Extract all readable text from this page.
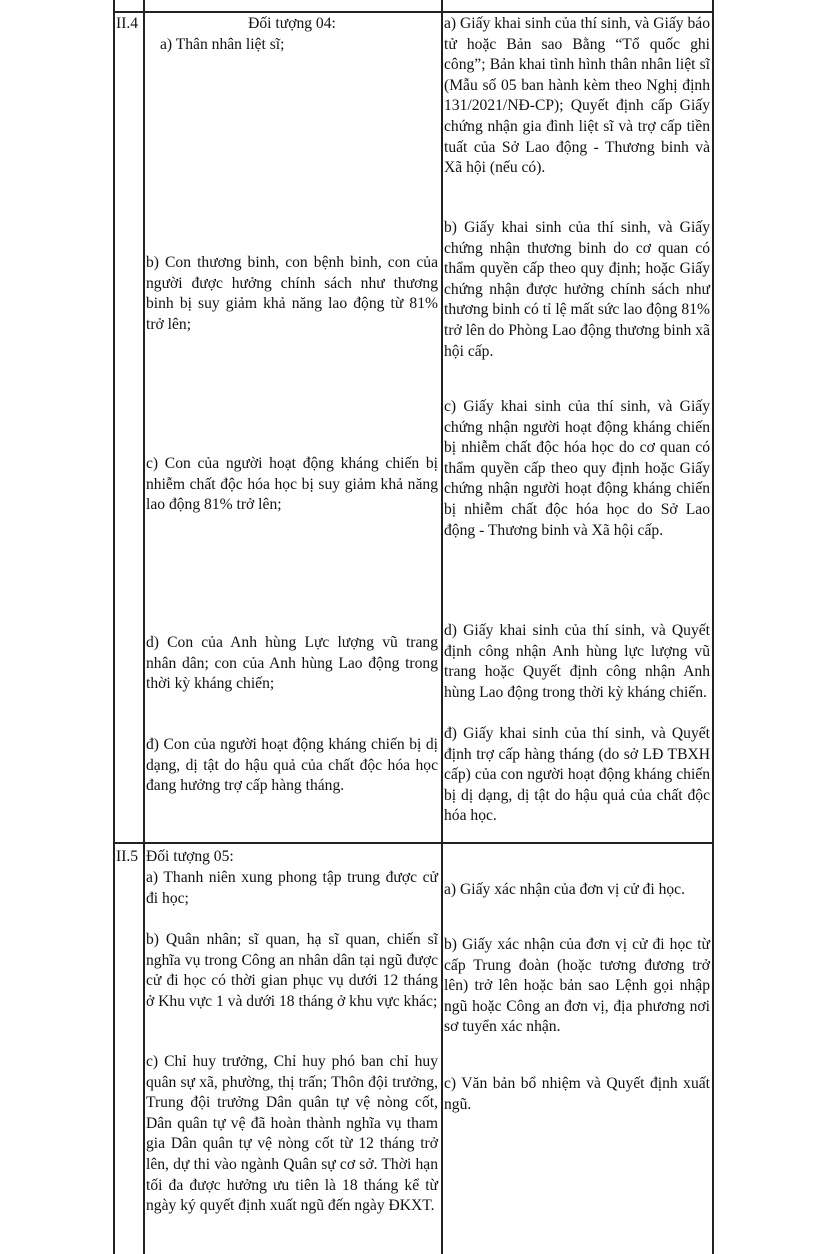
II.4	Đối tượng 04:

a) Thân nhân liệt sĩ;

a) Giấy khai sinh của thí sinh, và Giấy báo tử hoặc Bản sao Bằng “Tổ quốc ghi công”; Bản khai tình hình thân nhân liệt sĩ (Mẫu số 05 ban hành kèm theo Nghị định 131/2021/NĐ-CP); Quyết định cấp Giấy chứng nhận gia đình liệt sĩ và trợ cấp tiền tuất của Sở Lao động - Thương binh và Xã hội (nếu có).

b) Con thương binh, con bệnh binh, con của người được hưởng chính sách như thương binh bị suy giảm khả năng lao động từ 81% trở lên;

b) Giấy khai sinh của thí sinh, và Giấy chứng nhận thương binh do cơ quan có thẩm quyền cấp theo quy định; hoặc Giấy chứng nhận được hưởng chính sách như thương binh có tỉ lệ mất sức lao động 81% trở lên do Phòng Lao động thương binh xã hội cấp.

c) Con của người hoạt động kháng chiến bị nhiễm chất độc hóa học bị suy giảm khả năng lao động 81% trở lên;

c) Giấy khai sinh của thí sinh, và Giấy chứng nhận người hoạt động kháng chiến bị nhiễm chất độc hóa học do cơ quan có thẩm quyền cấp theo quy định hoặc Giấy chứng nhận người hoạt động kháng chiến bị nhiễm chất độc hóa học do Sở Lao động - Thương binh và Xã hội cấp.

d) Con của Anh hùng Lực lượng vũ trang nhân dân; con của Anh hùng Lao động trong thời kỳ kháng chiến;

d) Giấy khai sinh của thí sinh, và Quyết định công nhận Anh hùng lực lượng vũ trang hoặc Quyết định công nhận Anh hùng Lao động trong thời kỳ kháng chiến.

đ) Con của người hoạt động kháng chiến bị dị dạng, dị tật do hậu quả của chất độc hóa học đang hưởng trợ cấp hàng tháng.

đ) Giấy khai sinh của thí sinh, và Quyết định trợ cấp hàng tháng (do sở LĐ TBXH cấp) của con người hoạt động kháng chiến bị dị dạng, dị tật do hậu quả của chất độc hóa học.

II.5 Đối tượng 05:

a) Thanh niên xung phong tập trung được cử đi học;

a) Giấy xác nhận của đơn vị cử đi học.

b) Quân nhân; sĩ quan, hạ sĩ quan, chiến sĩ nghĩa vụ trong Công an nhân dân tại ngũ được cử đi học có thời gian phục vụ dưới 12 tháng ở Khu vực 1 và dưới 18 tháng ở khu vực khác;

b) Giấy xác nhận của đơn vị cử đi học từ cấp Trung đoàn (hoặc tương đương trở lên) trở lên hoặc bản sao Lệnh gọi nhập ngũ hoặc Công an đơn vị, địa phương nơi sơ tuyển xác nhận.

c) Chỉ huy trưởng, Chỉ huy phó ban chỉ huy quân sự xã, phường, thị trấn; Thôn đội trưởng, Trung đội trưởng Dân quân tự vệ nòng cốt, Dân quân tự vệ đã hoàn thành nghĩa vụ tham gia Dân quân tự vệ nòng cốt từ 12 tháng trở lên, dự thi vào ngành Quân sự cơ sở. Thời hạn tối đa được hưởng ưu tiên là 18 tháng kể từ ngày ký quyết định xuất ngũ đến ngày ĐKXT.

c) Văn bản bổ nhiệm và Quyết định xuất ngũ.
